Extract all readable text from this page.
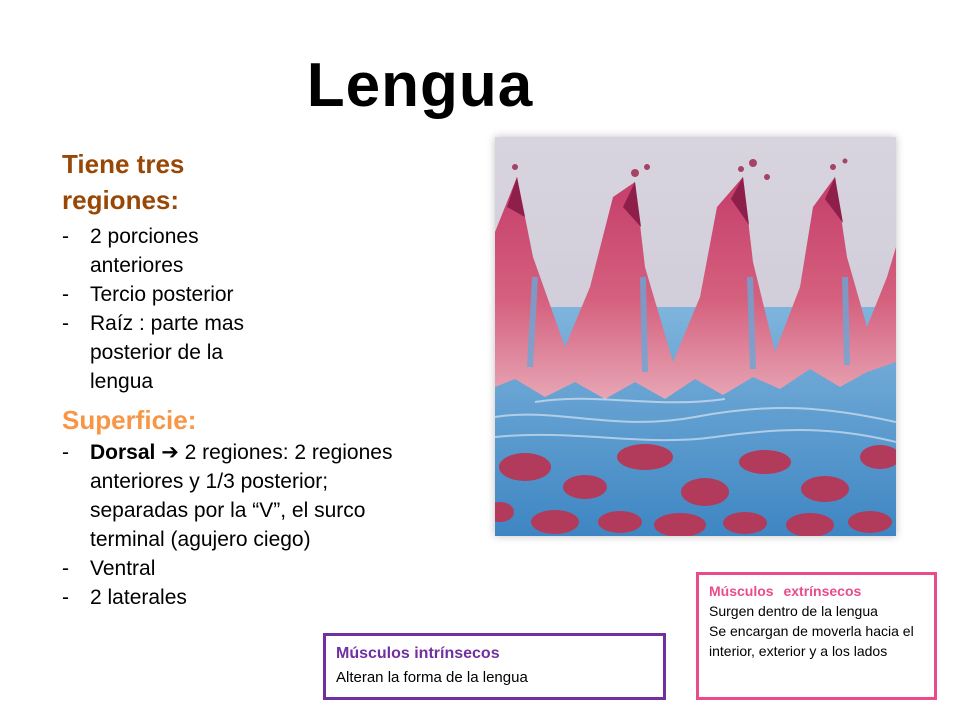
Lengua
Tiene tres regiones:
- 2 porciones anteriores
- Tercio posterior
- Raíz : parte mas posterior de la lengua
Superficie:
- Dorsal ➔ 2 regiones: 2 regiones anteriores y 1/3 posterior; separadas por la “V”, el surco terminal (agujero ciego)
- Ventral
- 2 laterales
Músculos intrínsecos
Alteran la forma de la lengua
Músculos extrínsecos
Surgen dentro de la lengua
Se encargan de moverla hacia el interior, exterior y a los lados
